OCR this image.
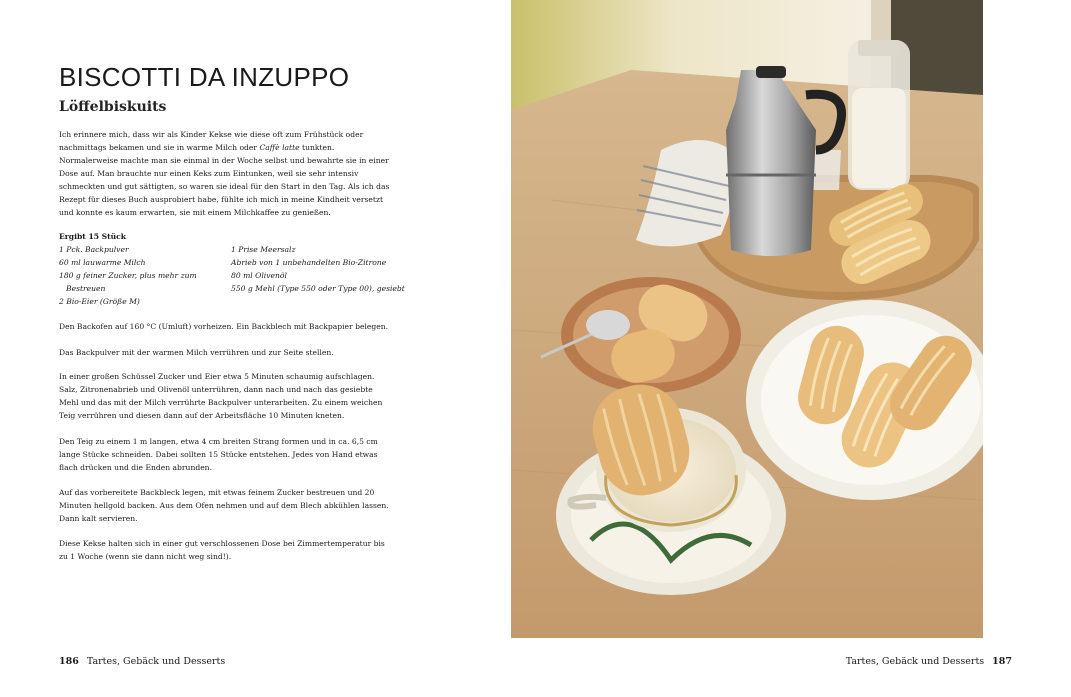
BISCOTTI DA INZUPPO
Löffelbiskuits

Ich erinnere mich, dass wir als Kinder Kekse wie diese oft zum Frühstück oder nachmittags bekamen und sie in warme Milch oder Caffè latte tunkten. Normalerweise machte man sie einmal in der Woche selbst und bewahrte sie in einer Dose auf. Man brauchte nur einen Keks zum Eintunken, weil sie sehr intensiv schmeckten und gut sättigten, so waren sie ideal für den Start in den Tag. Als ich das Rezept für dieses Buch ausprobiert habe, fühlte ich mich in meine Kindheit versetzt und konnte es kaum erwarten, sie mit einem Milchkaffee zu genießen.

Ergibt 15 Stück

1 Pck. Backpulver
60 ml lauwarme Milch
180 g feiner Zucker, plus mehr zum
Bestreuen
2 Bio-Eier (Größe M)
1 Prise Meersalz
Abrieb von 1 unbehandelten Bio-Zitrone
80 ml Olivenöl
550 g Mehl (Type 550 oder Type 00), gesiebt

Den Backofen auf 160 °C (Umluft) vorheizen. Ein Backblech mit Backpapier belegen.

Das Backpulver mit der warmen Milch verrühren und zur Seite stellen.

In einer großen Schüssel Zucker und Eier etwa 5 Minuten schaumig aufschlagen. Salz, Zitronenabrieb und Olivenöl unterrühren, dann nach und nach das gesiebte Mehl und das mit der Milch verrührte Backpulver unterarbeiten. Zu einem weichen Teig verrühren und diesen dann auf der Arbeitsfläche 10 Minuten kneten.

Den Teig zu einem 1 m langen, etwa 4 cm breiten Strang formen und in ca. 6,5 cm lange Stücke schneiden. Dabei sollten 15 Stücke entstehen. Jedes von Hand etwas flach drücken und die Enden abrunden.

Auf das vorbereitete Backbleck legen, mit etwas feinem Zucker bestreuen und 20 Minuten hellgold backen. Aus dem Ofen nehmen und auf dem Blech abkühlen lassen. Dann kalt servieren.

Diese Kekse halten sich in einer gut verschlossenen Dose bei Zimmertemperatur bis zu 1 Woche (wenn sie dann nicht weg sind!).

186 Tartes, Gebäck und Desserts	Tartes, Gebäck und Desserts 187
